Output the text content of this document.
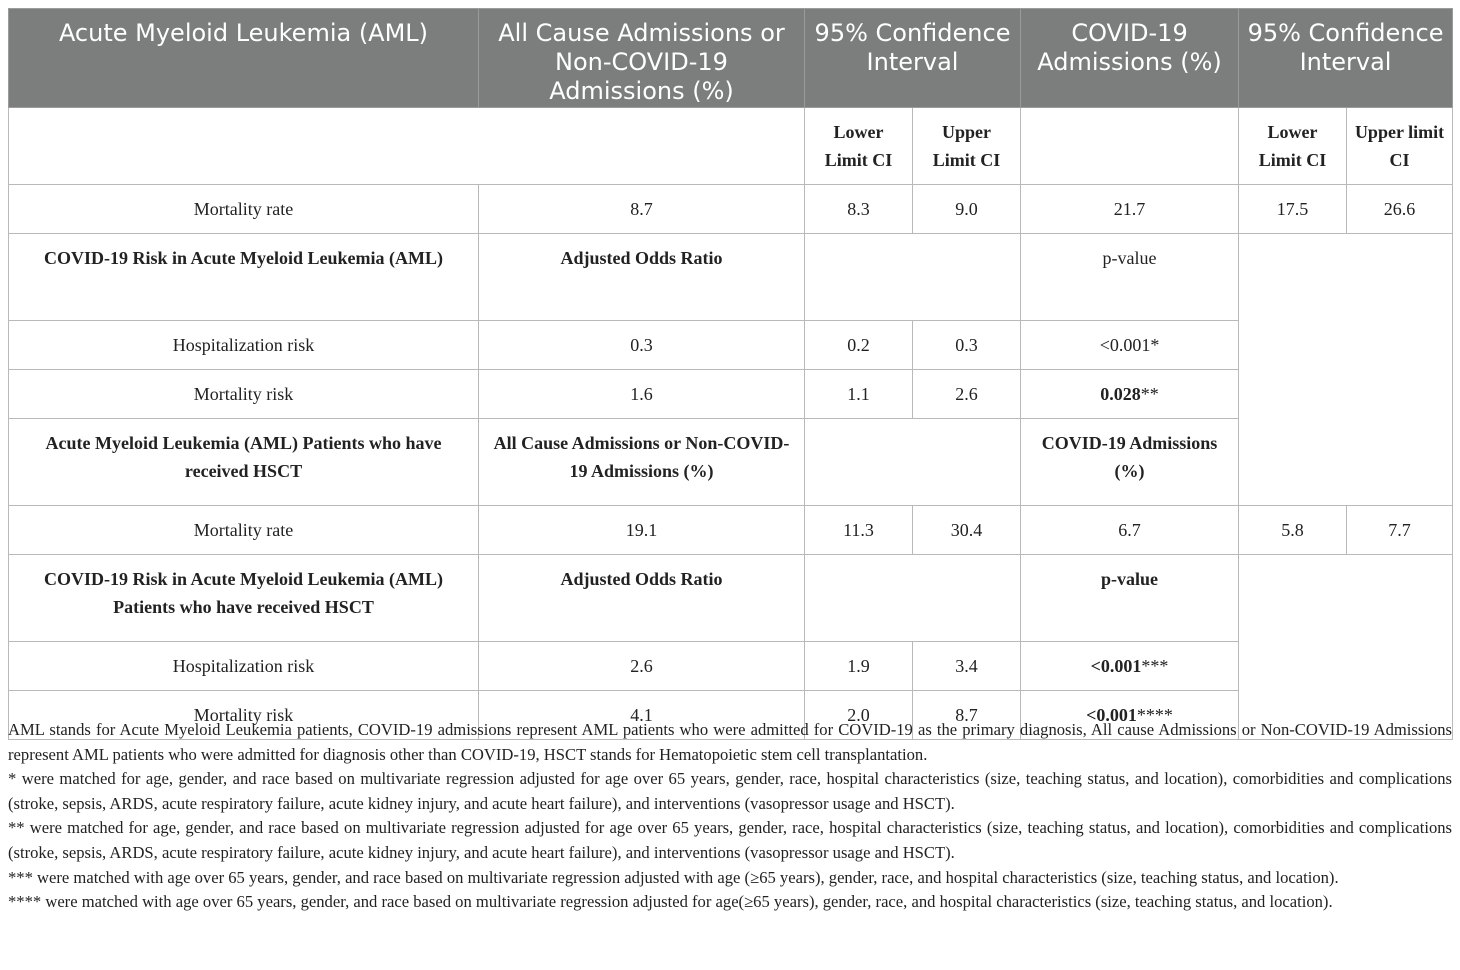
Acute Myeloid Leukemia (AML)	All Cause Admissions or Non-COVID-19 Admissions (%)	95% Confidence Interval		COVID-19 Admissions (%)	95% Confidence Interval	
		Lower Limit CI	Upper Limit CI		Lower Limit CI	Upper limit CI
Mortality rate	8.7	8.3	9.0	21.7	17.5	26.6
COVID-19 Risk in Acute Myeloid Leukemia (AML)	Adjusted Odds Ratio			p-value		
Hospitalization risk	0.3	0.2	0.3	<0.001*		
Mortality risk	1.6	1.1	2.6	0.028**		
Acute Myeloid Leukemia (AML) Patients who have received HSCT	All Cause Admissions or Non-COVID-19 Admissions (%)			COVID-19 Admissions (%)		
Mortality rate	19.1	11.3	30.4	6.7	5.8	7.7
COVID-19 Risk in Acute Myeloid Leukemia (AML) Patients who have received HSCT	Adjusted Odds Ratio			p-value		
Hospitalization risk	2.6	1.9	3.4	<0.001***		
Mortality risk	4.1	2.0	8.7	<0.001****		

AML stands for Acute Myeloid Leukemia patients, COVID-19 admissions represent AML patients who were admitted for COVID-19 as the primary diagnosis, All cause Admissions or Non-COVID-19 Admissions represent AML patients who were admitted for diagnosis other than COVID-19, HSCT stands for Hematopoietic stem cell transplantation.

* were matched for age, gender, and race based on multivariate regression adjusted for age over 65 years, gender, race, hospital characteristics (size, teaching status, and location), comorbidities and complications (stroke, sepsis, ARDS, acute respiratory failure, acute kidney injury, and acute heart failure), and interventions (vasopressor usage and HSCT).

** were matched for age, gender, and race based on multivariate regression adjusted for age over 65 years, gender, race, hospital characteristics (size, teaching status, and location), comorbidities and complications (stroke, sepsis, ARDS, acute respiratory failure, acute kidney injury, and acute heart failure), and interventions (vasopressor usage and HSCT).

*** were matched with age over 65 years, gender, and race based on multivariate regression adjusted with age (≥65 years), gender, race, and hospital characteristics (size, teaching status, and location).

**** were matched with age over 65 years, gender, and race based on multivariate regression adjusted for age(≥65 years), gender, race, and hospital characteristics (size, teaching status, and location).
